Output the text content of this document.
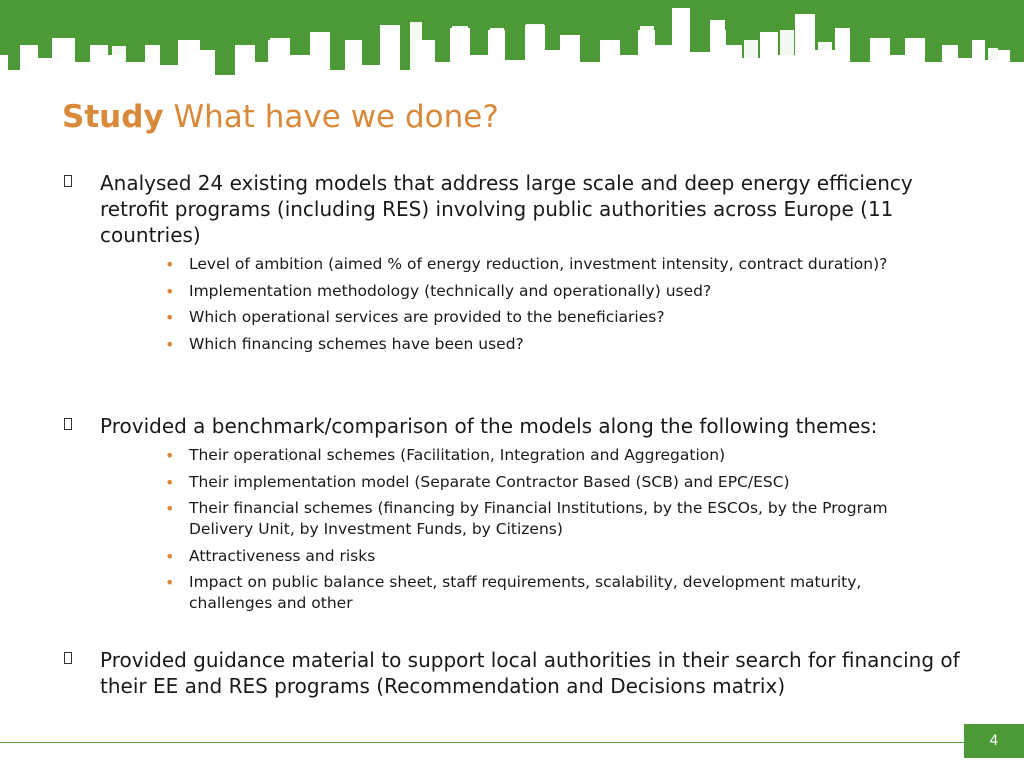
Study What have we done?
Analysed 24 existing models that address large scale and deep energy efficiency retrofit programs (including RES) involving public authorities across Europe (11 countries)
• Level of ambition (aimed % of energy reduction, investment intensity, contract duration)?
• Implementation methodology (technically and operationally) used?
• Which operational services are provided to the beneficiaries?
• Which financing schemes have been used?
Provided a benchmark/comparison of the models along the following themes:
• Their operational schemes (Facilitation, Integration and Aggregation)
• Their implementation model (Separate Contractor Based (SCB) and EPC/ESC)
• Their financial schemes (financing by Financial Institutions, by the ESCOs, by the Program Delivery Unit, by Investment Funds, by Citizens)
• Attractiveness and risks
• Impact on public balance sheet, staff requirements, scalability, development maturity, challenges and other
Provided guidance material to support local authorities in their search for financing of their EE and RES programs (Recommendation and Decisions matrix)
4
